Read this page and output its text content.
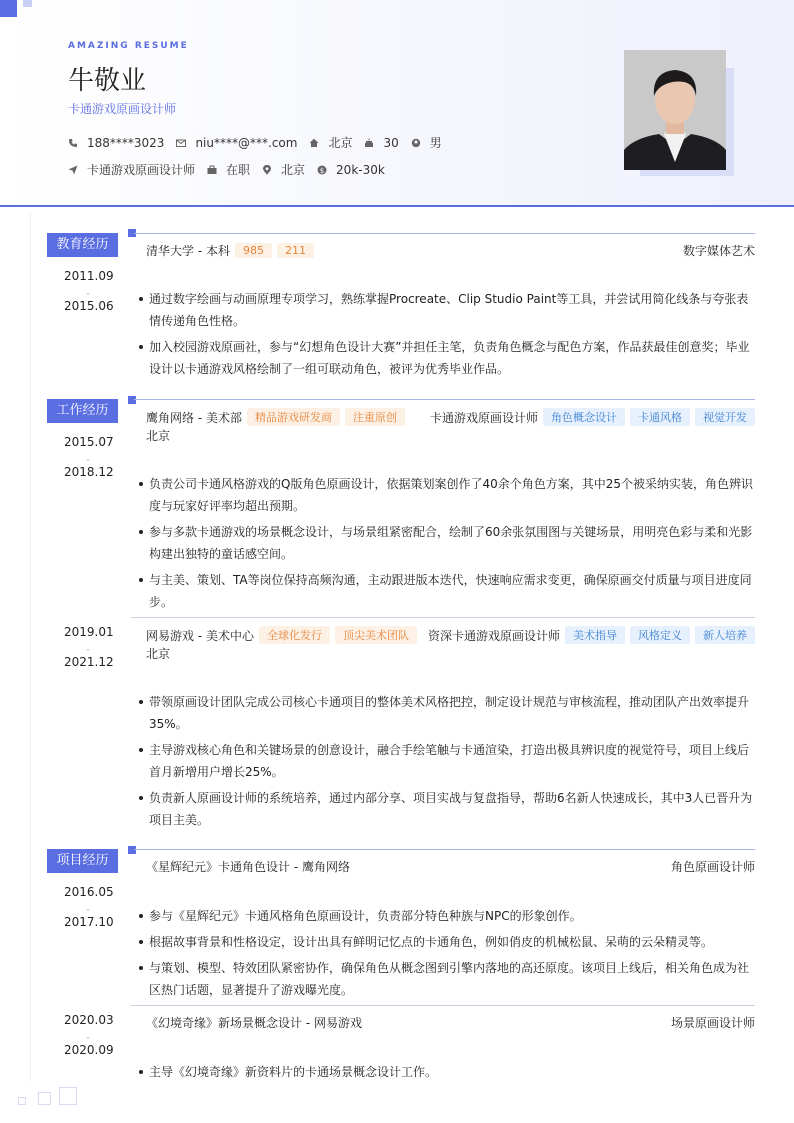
AMAZING RESUME
牛敬业
卡通游戏原画设计师
188****3023	niu****@***.com	北京	30	男
卡通游戏原画设计师	在职	北京 $ 20k-30k
教育经历
2011.09
-
2015.06
清华大学 - 本科	985	211	数字媒体艺术
通过数字绘画与动画原理专项学习，熟练掌握Procreate、Clip Studio Paint等工具，并尝试用简化线条与夸张表情传递角色性格。
加入校园游戏原画社，参与“幻想角色设计大赛”并担任主笔，负责角色概念与配色方案，作品获最佳创意奖；毕业设计以卡通游戏风格绘制了一组可联动角色，被评为优秀毕业作品。
工作经历
2015.07
-
2018.12
鹰角网络 - 美术部	精品游戏研发商	注重原创	卡通游戏原画设计师	角色概念设计	卡通风格	视觉开发
北京
负责公司卡通风格游戏的Q版角色原画设计，依据策划案创作了40余个角色方案，其中25个被采纳实装，角色辨识度与玩家好评率均超出预期。
参与多款卡通游戏的场景概念设计，与场景组紧密配合，绘制了60余张氛围图与关键场景，用明亮色彩与柔和光影构建出独特的童话感空间。
与主美、策划、TA等岗位保持高频沟通，主动跟进版本迭代，快速响应需求变更，确保原画交付质量与项目进度同步。
2019.01
-
2021.12
网易游戏 - 美术中心	全球化发行	顶尖美术团队	资深卡通游戏原画设计师	美术指导	风格定义	新人培养
北京
带领原画设计团队完成公司核心卡通项目的整体美术风格把控，制定设计规范与审核流程，推动团队产出效率提升35%。
主导游戏核心角色和关键场景的创意设计，融合手绘笔触与卡通渲染，打造出极具辨识度的视觉符号，项目上线后首月新增用户增长25%。
负责新人原画设计师的系统培养，通过内部分享、项目实战与复盘指导，帮助6名新人快速成长，其中3人已晋升为项目主美。
项目经历
2016.05
-
2017.10
《星辉纪元》卡通角色设计 - 鹰角网络	角色原画设计师
参与《星辉纪元》卡通风格角色原画设计，负责部分特色种族与NPC的形象创作。
根据故事背景和性格设定，设计出具有鲜明记忆点的卡通角色，例如俏皮的机械松鼠、呆萌的云朵精灵等。
与策划、模型、特效团队紧密协作，确保角色从概念图到引擎内落地的高还原度。该项目上线后，相关角色成为社区热门话题，显著提升了游戏曝光度。
2020.03
-
2020.09
《幻境奇缘》新场景概念设计 - 网易游戏	场景原画设计师
主导《幻境奇缘》新资料片的卡通场景概念设计工作。
